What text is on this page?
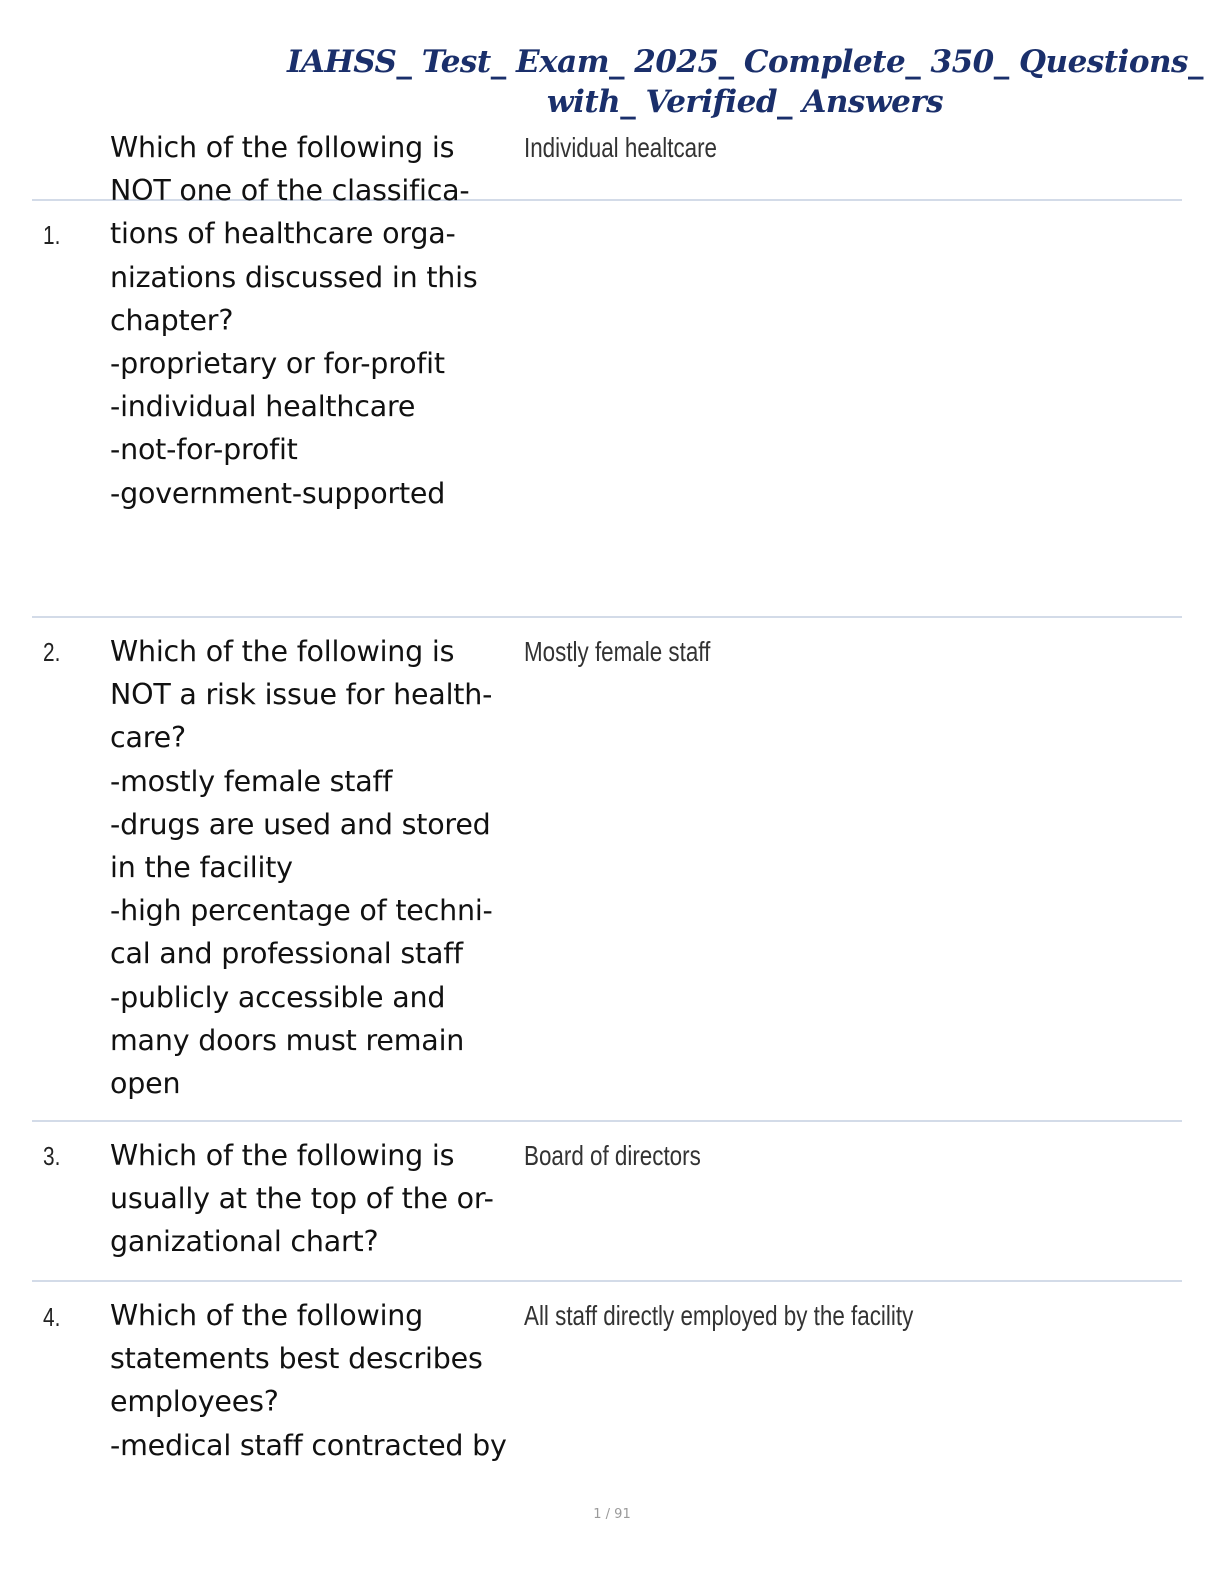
IAHSS_ Test_ Exam_ 2025_ Complete_ 350_ Questions_
with_ Verified_ Answers
1.
Which of the following is
NOT one of the classifica-
tions of healthcare orga-
nizations discussed in this
chapter?
-proprietary or for-profit
-individual healthcare
-not-for-profit
-government-supported
Individual healtcare
2. Which of the following is
NOT a risk issue for health-
care?
-mostly female staff
-drugs are used and stored
in the facility
-high percentage of techni-
cal and professional staff
-publicly accessible and
many doors must remain
open
Mostly female staff
3. Which of the following is
usually at the top of the or-
ganizational chart?
Board of directors
4. Which of the following
statements best describes
employees?
-medical staff contracted by
All staff directly employed by the facility
1 / 91
